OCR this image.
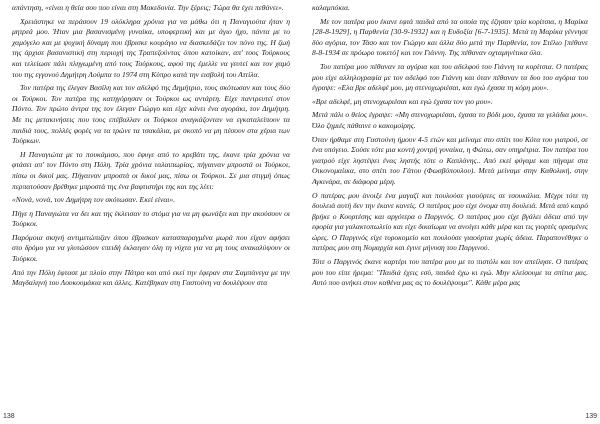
απάντηση, «είναι η θεία σου που είναι στη Μακεδονία. Την ξέρεις; Τώρα θα έχει πεθάνει».

Χρειάστηκε να περάσουν 19 ολόκληρα χρόνια για να μάθω ότι η Παναγιούτα ήταν η μητρεά μου. Ήταν μια βασανισμένη γυναίκα, υποφερτική και με άγιο ήχο, πάντα με το χαμόγελο και με ψυχική δύναμη που έβρισκε κουράγιο να διασκεδάζει τον πόνο της. Η ζωή της άρχισε βασανιστική στη περιοχή της Τραπεζούντας όπου κατοίκαν, απ' τους Τούρκους και τελείωσε πάλι πληγωμένη από τους Τούρκους, αφού της έμελλε να γευτεί και τον χαμό του της εγγονού Δημήτρη Λούμπα το 1974 στη Κύπρο κατά την εισβολή του Αττίλα.

Τον πατέρα της έλεγαν Βασίλη και τον αδελφό της Δημήτριο, τους σκότωσαν και τους δύο οι Τούρκοι. Τον πατέρα της κατηγόρησαν οι Τούρκοι ως αντάρτη. Είχε παντρευτεί στον Πόντο. Τον πρώτο άντρα της τον έλεγαν Γιώργο και είχε κάνει ένα αγοράκι, τον Δημήτρη. Με τις μετακινήσεις που τους επέβαλλαν οι Τούρκοι αναγκάζονταν να εγκαταλείπουν τα παιδιά τους, πολλές φορές να τα τρώνε τα τσακάλια, με σκοπό να μη πέσουν στα χέρια των Τούρκων.

Η Παναγιώτα με το πουκάμισο, που έφυγε από το κρεβάτι της, έκανε τρία χρόνια να φτάσει απ' τον Πόντο στη Πόλη. Τρία χρόνια ταλαιπωρίας, πήγαιναν μπροστά οι Τούρκοι, πίσω οι δικοί μας. Πήγαιναν μπροστά οι δικοί μας, πίσω οι Τούρκοι. Σε μια στιγμή όπως περπατούσαν βρέθηκε μπροστά της ένα βαφτιστήρι της και της λέει:

«Νονά, νονά, τον Δημήτρη τον σκότωσαν. Εκεί είναι».

Πήγε η Παναγιώτα να δει και της έκλεισαν το στόμα για να μη φωνάξει και την ακούσουν οι Τούρκοι.

Παρόμοια σκηνή αντιμετώπιζαν όπου έβρισκαν κατασπαραγμένα μωρά που είχαν αφήσει στο δρόμο για να γλυτώσουν επειδή έκλαιγαν όλη τη νύχτα για να μη τους ανακαλύψουν οι Τούρκοι.

Από την Πόλη έφτασε με πλοίο στην Πάτρα και από εκεί την έφεραν στα Σαμπάνεγα με την Μαγδαληνή του Λουκουμάκια και άλλες. Κατέβηκαν στη Γαστούνη να δουλέψουν στα

138

καλαμπόκια.

Με τον πατέρα μου έκανε εφτά παιδιά από τα οποία της έζησαν τρία κορίτσια, η Μαρίκα [28-8-1929], η Παρθενία [30-9-1932] και η Ευδοξία [6-7-1935]. Μετά τη Μαρίκα γέννησε δύο αγόρια, τον Τάσο και τον Γιώργο και άλλα δύο μετά την Παρθενία, τον Στέλιο [πέθανε 8-8-1934 σε πρόωρο τοκετό] και τον Γιάννη. Της πέθαναν οχταμηνίτικα όλα.

Του πατέρα μου πέθαναν τα αγόρια και του αδελφού του Γιάννη τα κορίτσια. Ο πατέρας μου είχε αλληλογραφία με τον αδελφό του Γιάννη και όταν πέθαναν τα δυο του αγόρια του έγραψε: «Ελα βρε αδελφέ μου, μη στενοχωριέσαι, και εγώ έχασα τη κόρη μου».

«Βρε αδελφέ, μη στενοχωριέσαι και εγώ έχασα τον γιο μου».

Μετά πάλι ο θείος έγραψε: «Μη στενοχωριέσαι, έχασα το βόδι μου, έχασα τα γελάδια μου». Όλο ζημιές πάθαινε ο κακομοίρης.

Όταν ήρθαμε στη Γαστούνη ήμουν 4-5 ετών και μείναμε στο σπίτι του Κότα του γιατρού, σε ένα υπόγειο. Σούσε τότε μια κοντή χοντρή γυναίκα, η Φώτω, σαν υπηρέτρια. Τον πατέρα του γιατρού είχε ληστέψει ένας ληστής τότε ο Καπλάνης.. Από εκεί φύγαμε και πήγαμε στα Οικονομαίικα, στο σπίτι του Γάτου (Φωσβόπουλου). Μετά μείναμε στην Καθολική, στην Αγκινάρα, σε διάφορα μέρη.

Ο πατέρας μου άνοιξε ένα μαγαζί και πουλούσε γιαούρτες σε τσουκάλια. Μέχρι τότε τη δουλειά αυτή δεν την έκανε κανείς. Ο πατέρας μου είχε όνομα στη δουλειά. Μετά από καιρό βρήκε ο Κουρτέσης και αργότερα ο Παργινός. Ο πατέρας μου είχε βγάλει άδεια από την εφορία για γαλακτοπωλείο και είχε δικαίωμα να ανοίγει κάθε μέρα και τις γιορτές ορισμένες ώρες. Ο Παργινός είχε τυροκομείο και πουλούσε γιαούρτια χωρίς άδεια. Παραπονέθηκε ο πατέρας μου στη Νομαρχία και έγινε μήνυση του Παργινού.

Τότε ο Παργινός έκανε καρτέρι του πατέρα μου με το πιστόλι και τον απείλησε. Ο πατέρας μου του είπε ήρεμα: "Παιδιά έχεις εσύ, παιδιά έχω κι εγώ. Μην κλείσουμε τα σπίτια μας. Αυτό που ανήκει στον καθένα μας ας το δουλέψουμε". Κάθε μέρα μας

139
